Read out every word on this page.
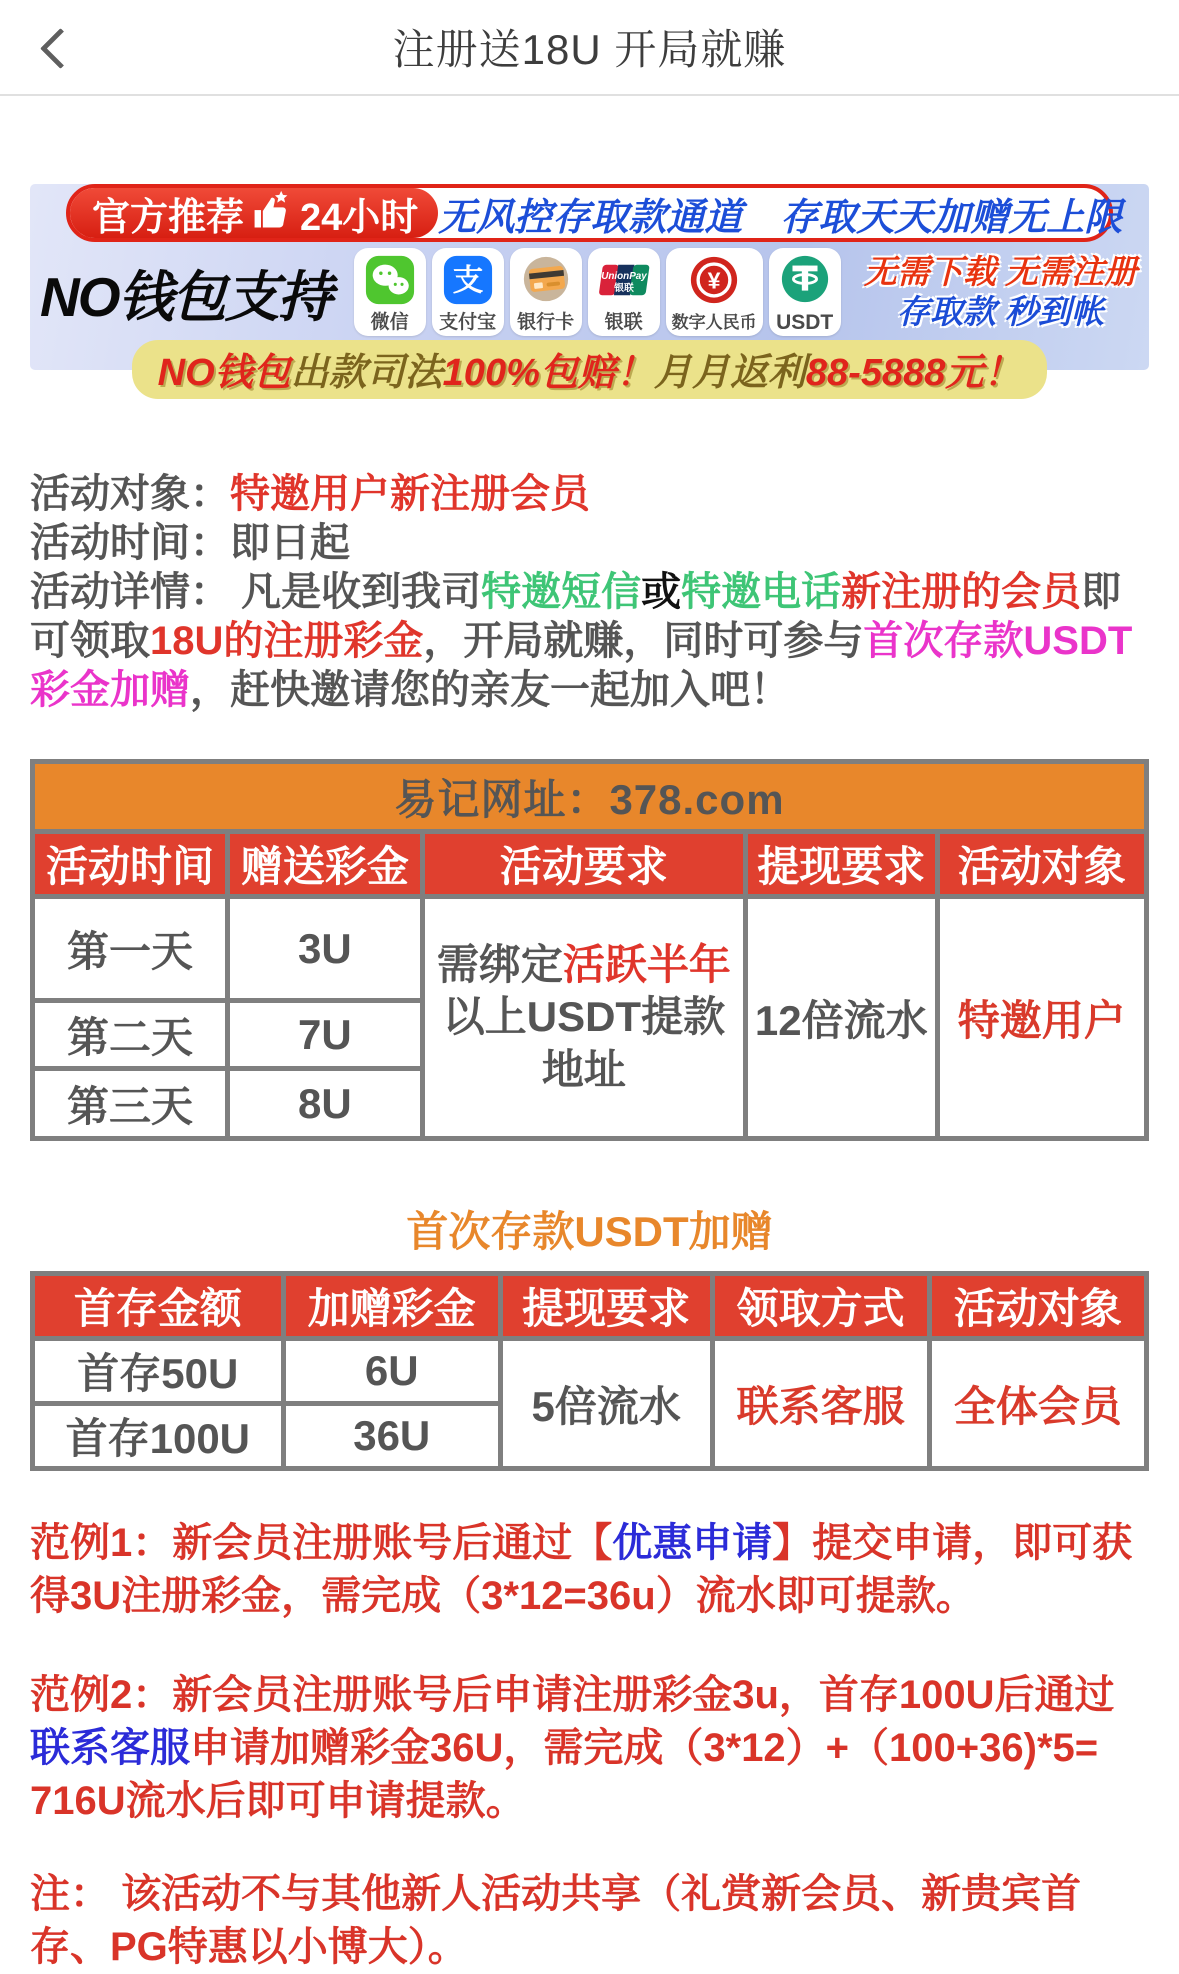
注册送18U 开局就赚
官方推荐 24小时 无风控存取款通道　存取天天加赠无上限
NO钱包支持 微信
支
支付宝 银行卡
UnionPay
银联
银联
¥
数字人民币 USDT
无需下载 无需注册
存取款 秒到帐
NO钱包出款司法100%包赔！月月返利88-5888元！

活动对象：特邀用户新注册会员

活动时间：即日起

活动详情： 凡是收到我司特邀短信或特邀电话新注册的会员即可领取18U的注册彩金，开局就赚，同时可参与首次存款USDT彩金加赠，赶快邀请您的亲友一起加入吧！

易记网址：378.com				
活动时间	赠送彩金	活动要求	提现要求	活动对象
第一天	3U	需绑定活跃半年以上USDT提款地址	12倍流水	特邀用户
第二天	7U			
第三天	8U			
首次存款USDT加赠
首存金额	加赠彩金	提现要求	领取方式	活动对象
首存50U	6U	5倍流水	联系客服	全体会员
首存100U	36U			

范例1：新会员注册账号后通过【优惠申请】提交申请，即可获得3U注册彩金，需完成（3*12=36u）流水即可提款。

范例2：新会员注册账号后申请注册彩金3u，首存100U后通过联系客服申请加赠彩金36U，需完成（3*12）+（100+36)*5= 716U流水后即可申请提款。

注： 该活动不与其他新人活动共享（礼赏新会员、新贵宾首存、PG特惠以小博大）。
